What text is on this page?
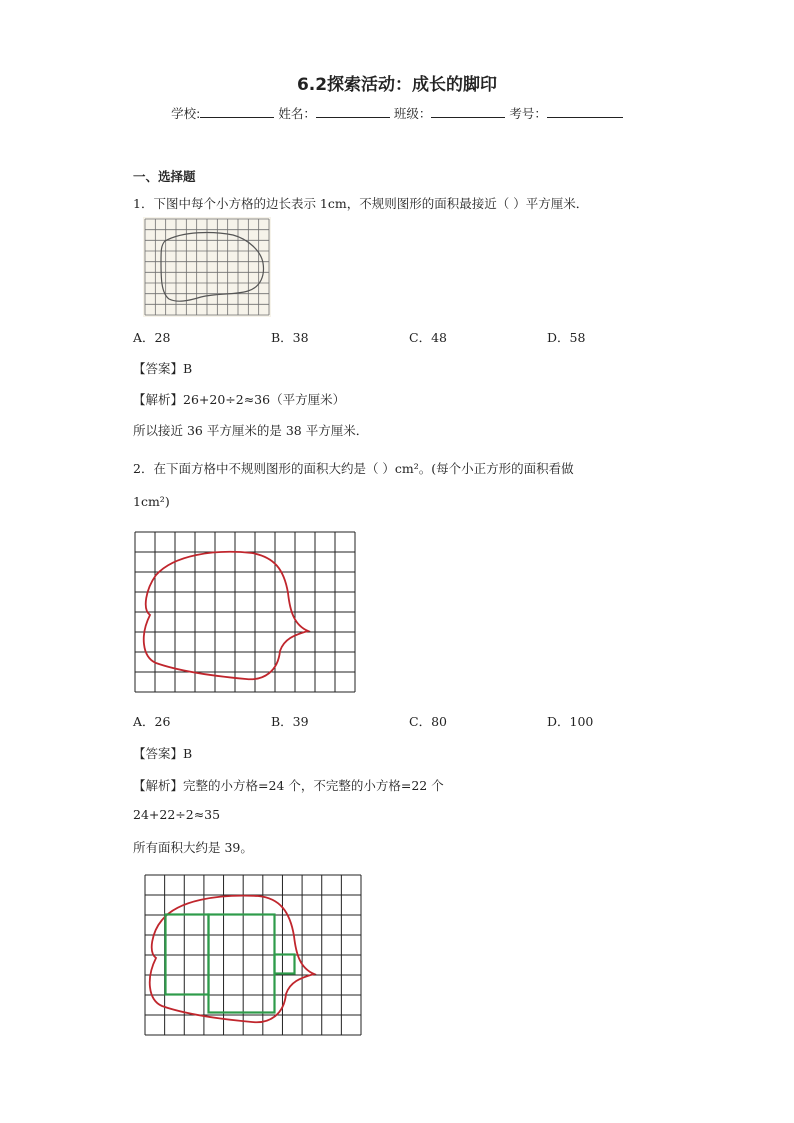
6.2探索活动：成长的脚印
学校:	姓名：	班级：	考号：
一、选择题
1．下图中每个小方格的边长表示 1cm，不规则图形的面积最接近（ ）平方厘米．
A．28	B．38	C．48	D．58
【答案】B
【解析】26+20÷2≈36（平方厘米）
所以接近 36 平方厘米的是 38 平方厘米．
2．在下面方格中不规则图形的面积大约是（ ）cm²。(每个小正方形的面积看做
1cm²)
A．26	B．39	C．80	D．100
【答案】B
【解析】完整的小方格=24 个，不完整的小方格=22 个
24+22÷2≈35
所有面积大约是 39。
